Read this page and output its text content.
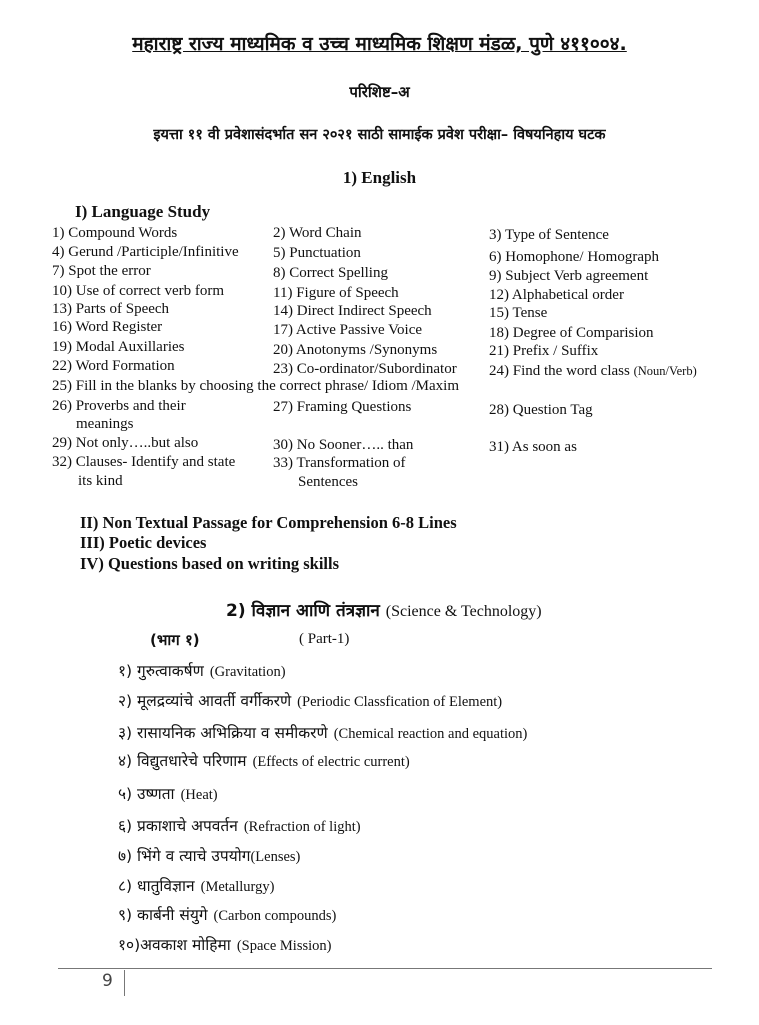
महाराष्ट्र राज्य माध्यमिक व उच्च माध्यमिक शिक्षण मंडळ, पुणे ४११००४.
परिशिष्ट–अ
इयत्ता ११ वी प्रवेशासंदर्भात सन २०२१ साठी सामाईक प्रवेश परीक्षा– विषयनिहाय घटक
1) English
I) Language Study
1) Compound Words
4) Gerund /Participle/Infinitive
7) Spot the error
10) Use of correct verb form
13) Parts of Speech
16) Word Register
19) Modal Auxillaries
22) Word Formation
25) Fill in the blanks by choosing the correct phrase/ Idiom /Maxim
26) Proverbs and their
meanings
29) Not only…..but also
32) Clauses- Identify and state
its kind
2) Word Chain
5) Punctuation
8) Correct Spelling
11) Figure of Speech
14) Direct Indirect Speech
17) Active Passive Voice
20) Anotonyms /Synonyms
23) Co-ordinator/Subordinator
27) Framing Questions
30) No Sooner….. than
33) Transformation of
Sentences
3) Type of Sentence
6) Homophone/ Homograph
9) Subject Verb agreement
12) Alphabetical order
15) Tense
18) Degree of Comparision
21) Prefix / Suffix
24) Find the word class (Noun/Verb)
28) Question Tag
31) As soon as
II) Non Textual Passage for Comprehension 6-8 Lines
III) Poetic devices
IV) Questions based on writing skills
2) विज्ञान आणि तंत्रज्ञान (Science & Technology)
(भाग १)	( Part-1)
१) गुरुत्वाकर्षण (Gravitation)
२) मूलद्रव्यांचे आवर्ती वर्गीकरणे (Periodic Classfication of Element)
३) रासायनिक अभिक्रिया व समीकरणे (Chemical reaction and equation)
४) विद्युतधारेचे परिणाम (Effects of electric current)
५) उष्णता (Heat)
६) प्रकाशाचे अपवर्तन (Refraction of light)
७) भिंगे व त्याचे उपयोग(Lenses)
८) धातुविज्ञान (Metallurgy)
९) कार्बनी संयुगे (Carbon compounds)
१०)अवकाश मोहिमा (Space Mission)
9
